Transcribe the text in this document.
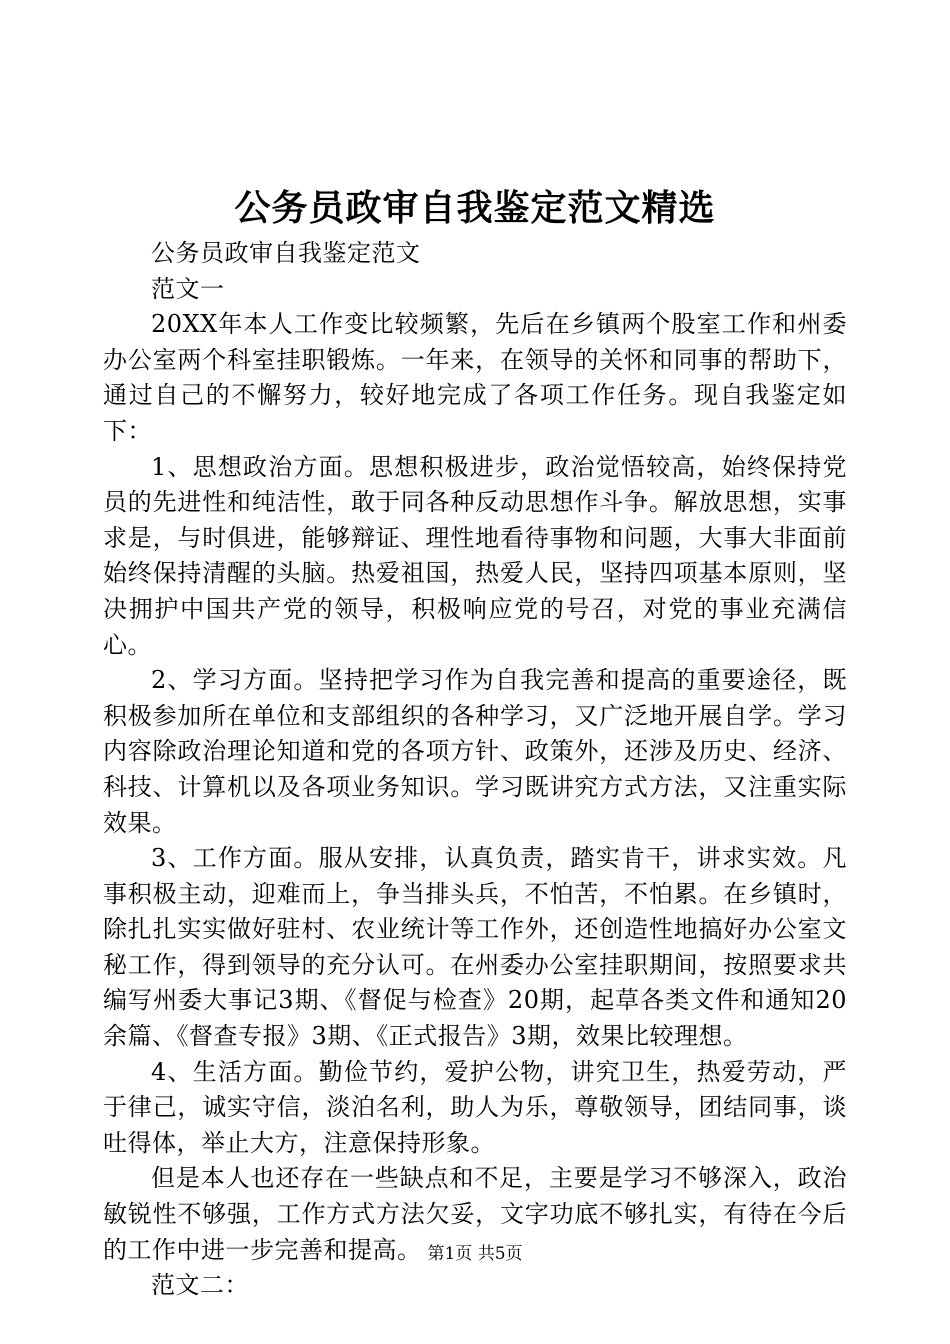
公务员政审自我鉴定范文精选

公务员政审自我鉴定范文

范文一

20XX年本人工作变比较频繁，先后在乡镇两个股室工作和州委办公室两个科室挂职锻炼。一年来，在领导的关怀和同事的帮助下，通过自己的不懈努力，较好地完成了各项工作任务。现自我鉴定如下：

1、思想政治方面。思想积极进步，政治觉悟较高，始终保持党员的先进性和纯洁性，敢于同各种反动思想作斗争。解放思想，实事求是，与时俱进，能够辩证、理性地看待事物和问题，大事大非面前始终保持清醒的头脑。热爱祖国，热爱人民，坚持四项基本原则，坚决拥护中国共产党的领导，积极响应党的号召，对党的事业充满信心。

2、学习方面。坚持把学习作为自我完善和提高的重要途径，既积极参加所在单位和支部组织的各种学习，又广泛地开展自学。学习内容除政治理论知道和党的各项方针、政策外，还涉及历史、经济、科技、计算机以及各项业务知识。学习既讲究方式方法，又注重实际效果。

3、工作方面。服从安排，认真负责，踏实肯干，讲求实效。凡事积极主动，迎难而上，争当排头兵，不怕苦，不怕累。在乡镇时，除扎扎实实做好驻村、农业统计等工作外，还创造性地搞好办公室文秘工作，得到领导的充分认可。在州委办公室挂职期间，按照要求共编写州委大事记3期、《督促与检查》20期，起草各类文件和通知20余篇、《督查专报》3期、《正式报告》3期，效果比较理想。

4、生活方面。勤俭节约，爱护公物，讲究卫生，热爱劳动，严于律己，诚实守信，淡泊名利，助人为乐，尊敬领导，团结同事，谈吐得体，举止大方，注意保持形象。

但是本人也还存在一些缺点和不足，主要是学习不够深入，政治敏锐性不够强，工作方式方法欠妥，文字功底不够扎实，有待在今后的工作中进一步完善和提高。

范文二：

第1页 共5页
